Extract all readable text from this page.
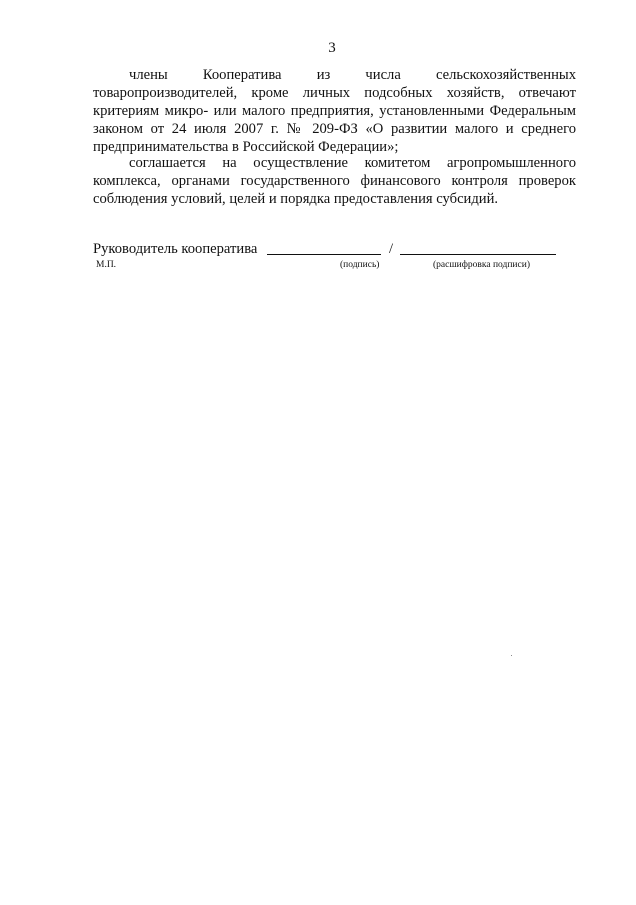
3

члены Кооператива из числа сельскохозяйственных товаропроизводителей, кроме личных подсобных хозяйств, отвечают критериям микро- или малого предприятия, установленными Федеральным законом от 24 июля 2007 г. № 209-ФЗ «О развитии малого и среднего предпринимательства в Российской Федерации»;

соглашается на осуществление комитетом агропромышленного комплекса, органами государственного финансового контроля проверок соблюдения условий, целей и порядка предоставления субсидий.

Руководитель кооператива	/
М.П.	(подпись)	(расшифровка подписи)
